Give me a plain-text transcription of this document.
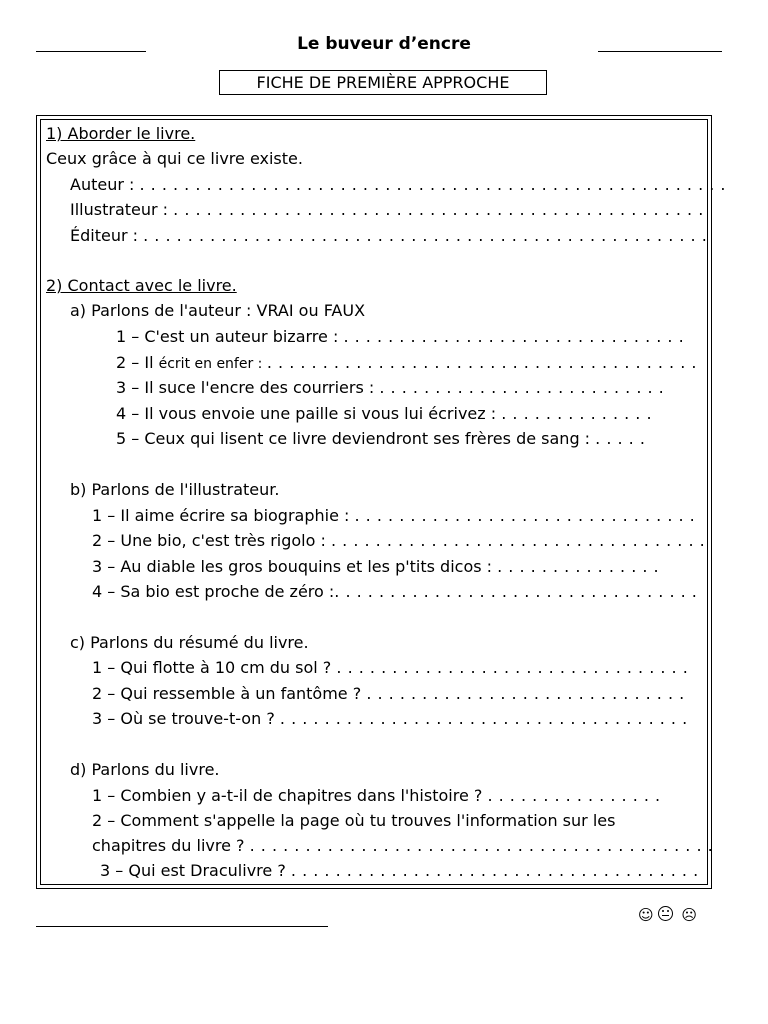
Le buveur d’encre
FICHE DE PREMIÈRE APPROCHE
1) Aborder le livre.
Ceux grâce à qui ce livre existe.
Auteur : . . . . . . . . . . . . . . . . . . . . . . . . . . . . . . . . . . . . . . . . . . . . . . . . . . . . .
Illustrateur : . . . . . . . . . . . . . . . . . . . . . . . . . . . . . . . . . . . . . . . . . . . . . . . .
Éditeur : . . . . . . . . . . . . . . . . . . . . . . . . . . . . . . . . . . . . . . . . . . . . . . . . . . .
2) Contact avec le livre.
a) Parlons de l'auteur : VRAI ou FAUX
1 – C'est un auteur bizarre : . . . . . . . . . . . . . . . . . . . . . . . . . . . . . . .
2 – Il écrit en enfer : . . . . . . . . . . . . . . . . . . . . . . . . . . . . . . . . . . . . . . .
3 – Il suce l'encre des courriers : . . . . . . . . . . . . . . . . . . . . . . . . . .
4 – Il vous envoie une paille si vous lui écrivez : . . . . . . . . . . . . . .
5 – Ceux qui lisent ce livre deviendront ses frères de sang : . . . . .
b) Parlons de l'illustrateur.
1 – Il aime écrire sa biographie : . . . . . . . . . . . . . . . . . . . . . . . . . . . . . . .
2 – Une bio, c'est très rigolo : . . . . . . . . . . . . . . . . . . . . . . . . . . . . . . . . . .
3 – Au diable les gros bouquins et les p'tits dicos : . . . . . . . . . . . . . . .
4 – Sa bio est proche de zéro :. . . . . . . . . . . . . . . . . . . . . . . . . . . . . . . . .
c) Parlons du résumé du livre.
1 – Qui flotte à 10 cm du sol ? . . . . . . . . . . . . . . . . . . . . . . . . . . . . . . . .
2 – Qui ressemble à un fantôme ? . . . . . . . . . . . . . . . . . . . . . . . . . . . . .
3 – Où se trouve-t-on ? . . . . . . . . . . . . . . . . . . . . . . . . . . . . . . . . . . . . .
d) Parlons du livre.
1 – Combien y a-t-il de chapitres dans l'histoire ? . . . . . . . . . . . . . . . .
2 – Comment s'appelle la page où tu trouves l'information sur les
chapitres du livre ? . . . . . . . . . . . . . . . . . . . . . . . . . . . . . . . . . . . . . . . . . .
3 – Qui est Draculivre ? . . . . . . . . . . . . . . . . . . . . . . . . . . . . . . . . . . . . .
☺ ☹
